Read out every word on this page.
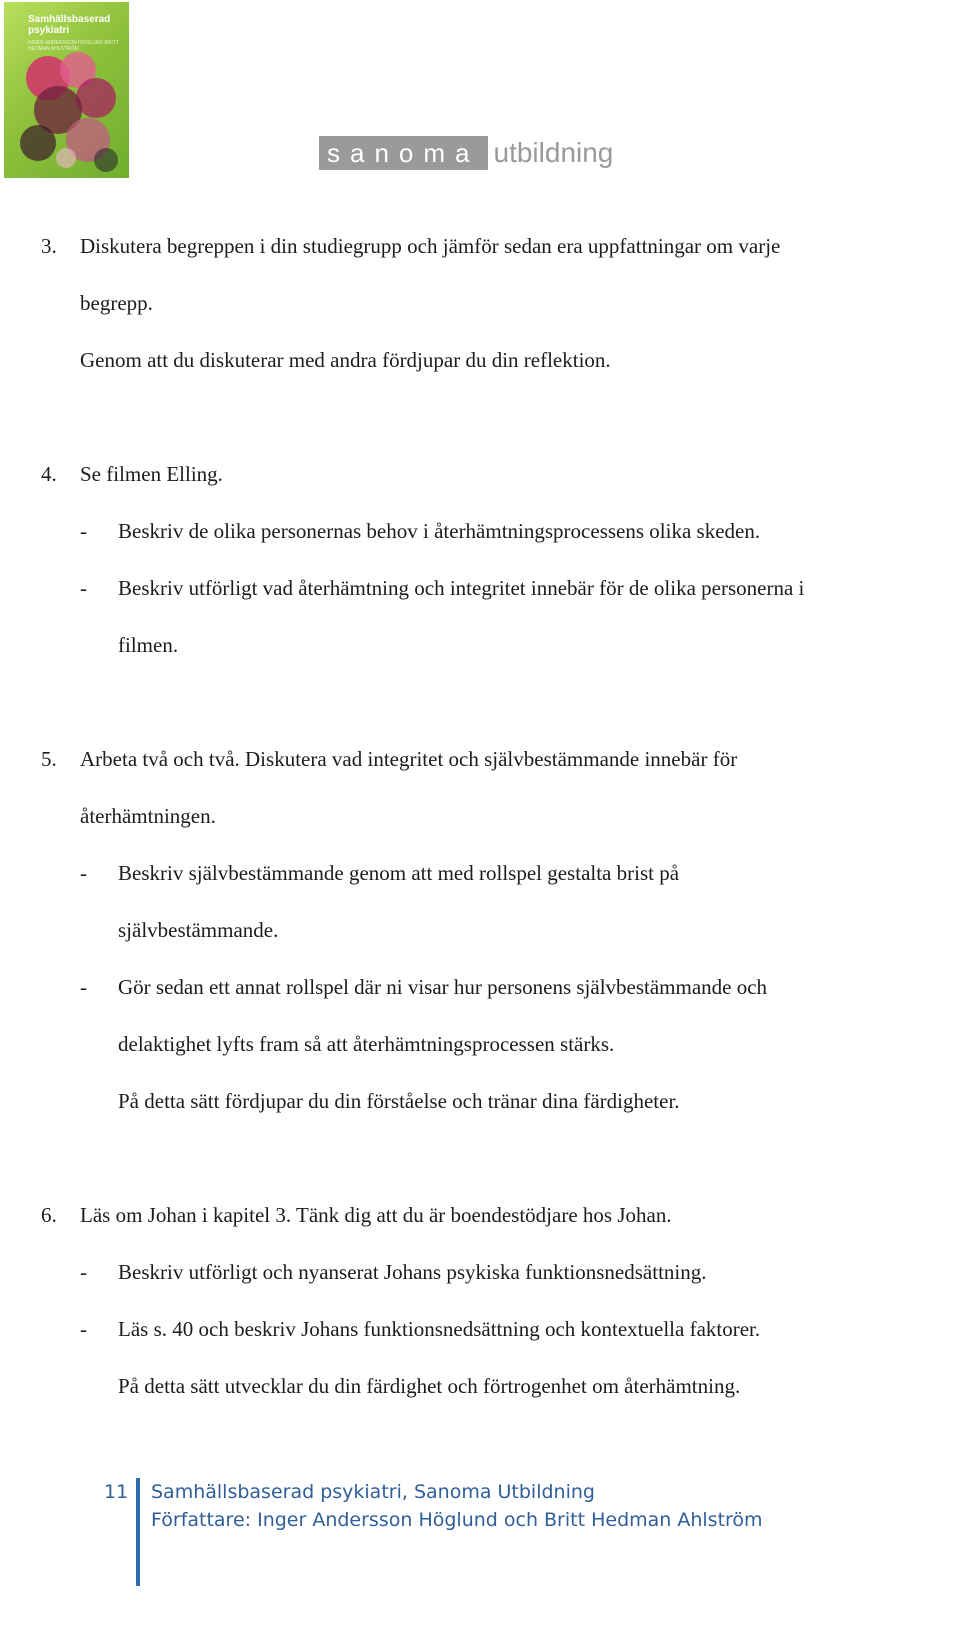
Samhällsbaserad psykiatri

INGER ANDERSSON HÖGLUND BRITT HEDMAN AHLSTRÖM

sanoma utbildning
3. Diskutera begreppen i din studiegrupp och jämför sedan era uppfattningar om varje
begrepp.
Genom att du diskuterar med andra fördjupar du din reflektion.
4. Se filmen Elling.
- Beskriv de olika personernas behov i återhämtningsprocessens olika skeden.
- Beskriv utförligt vad återhämtning och integritet innebär för de olika personerna i
filmen.
5. Arbeta två och två. Diskutera vad integritet och självbestämmande innebär för
återhämtningen.
- Beskriv självbestämmande genom att med rollspel gestalta brist på
självbestämmande.
- Gör sedan ett annat rollspel där ni visar hur personens självbestämmande och
delaktighet lyfts fram så att återhämtningsprocessen stärks.
På detta sätt fördjupar du din förståelse och tränar dina färdigheter.
6. Läs om Johan i kapitel 3. Tänk dig att du är boendestödjare hos Johan.
- Beskriv utförligt och nyanserat Johans psykiska funktionsnedsättning.
- Läs s. 40 och beskriv Johans funktionsnedsättning och kontextuella faktorer.
På detta sätt utvecklar du din färdighet och förtrogenhet om återhämtning.

11 Samhällsbaserad psykiatri, Sanoma Utbildning

Författare: Inger Andersson Höglund och Britt Hedman Ahlström
